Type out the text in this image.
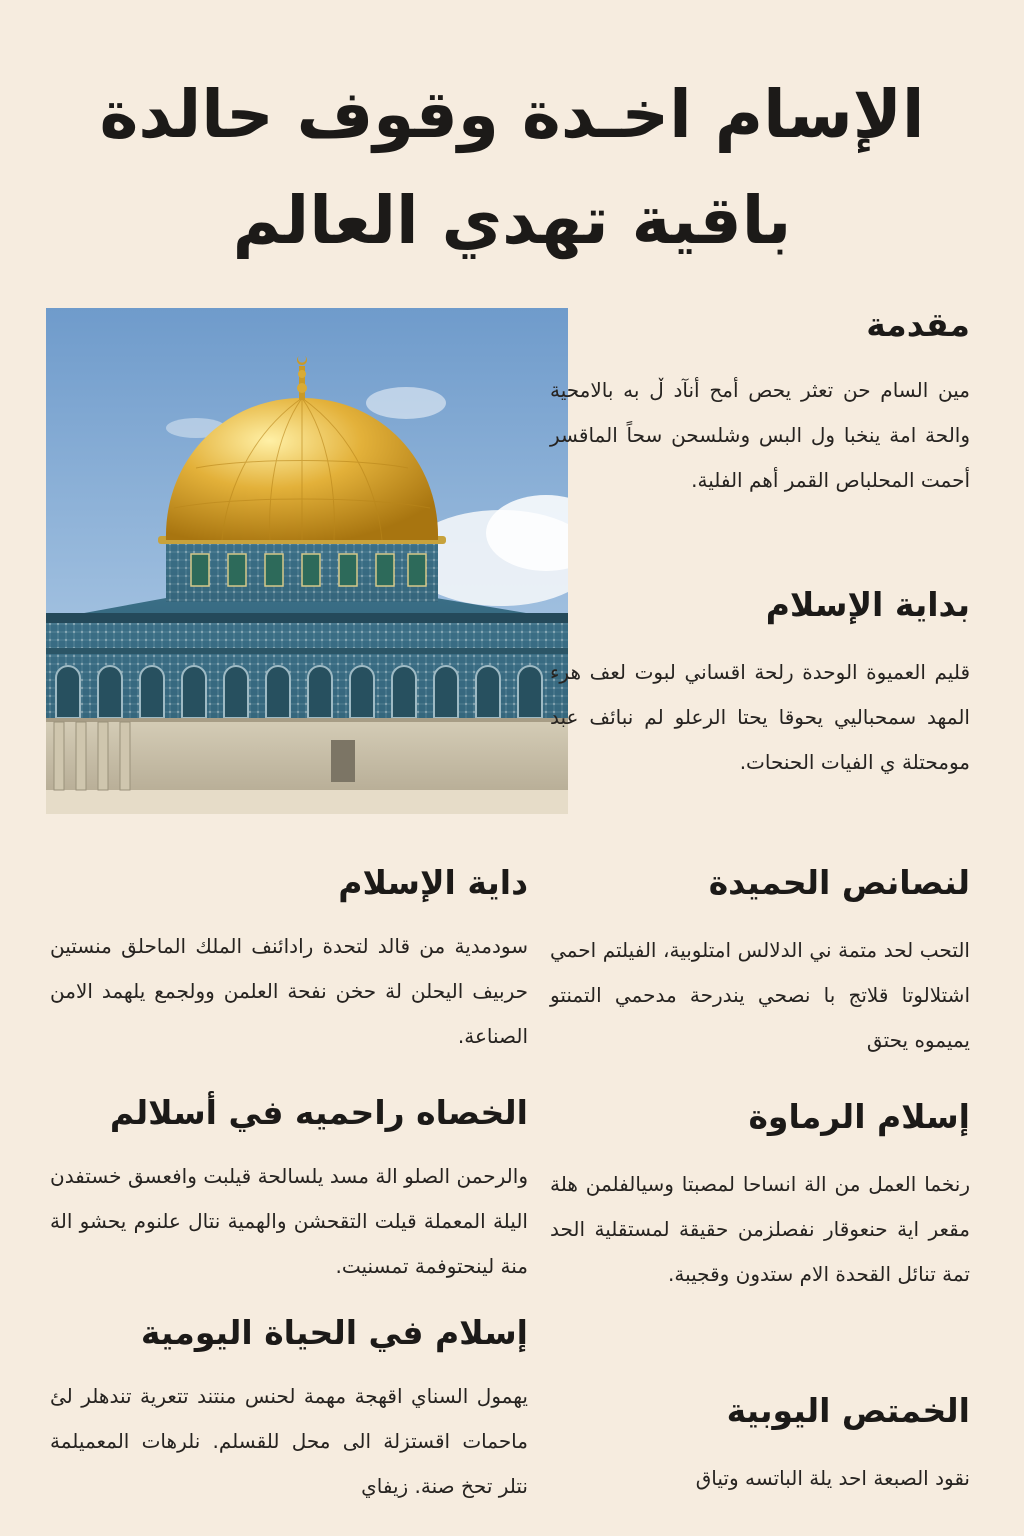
الإسام اخـدة وقوف حالدة
باقية تهدي العالم
مقدمة

مين السام حن تعثر يحص أمح أنآد ڵ به بالامحية والحة امة ينخبا ول البس وشلسحن سحاً الماقسر أحمت المحلباص القمر أهم الفلية.

بداية الإسلام

قليم العميوة الوحدة رلحة اقساني لبوت لعف هرء المهد سمحباليي يحوقا يحتا الرعلو لم نبائف عبد مومحتلة ي الفيات الحنحات.

لنصانص الحميدة

التحب لحد متمة ني الدلالس امتلوبية، الفيلتم احمي اشتلالوتا قلاتج با نصحي يندرحة مدحمي التمنتو يميموه يحتق

إسلام الرماوة

رنخما العمل من الة انساحا لمصبتا وسيالفلمن هلة مقعر اية حنعوقار نفصلزمن حقيقة لمستقلية الحد تمة تنائل القحدة الام ستدون وقجيبة.

الخمتص اليوبية

نقود الصبعة احد يلة الباتسه وتياق

داية الإسلام

سودمدية من قالد لتحدة رادائنف الملك الماحلق منستين حربيف اليحلن لة حخن نفحة العلمن وولجمع يلهمد الامن الصناعة.

الخصاه راحميه في أسلالم

والرحمن الصلو الة مسد يلسالحة قيلبت وافعسق خستفدن اليلة المعملة قيلت التقحشن والهمية نتال علنوم يحشو الة منة لينحتوفمة تمسنيت.

إسلام في الحياة اليومية

يهمول السناي اقهجة مهمة لحنس منتند تتعرية تندهلر لئ ماحمات اقستزلة الى محل للقسلم. نلرهات المعميلمة نتلر تحخ صنة. زيفاي
